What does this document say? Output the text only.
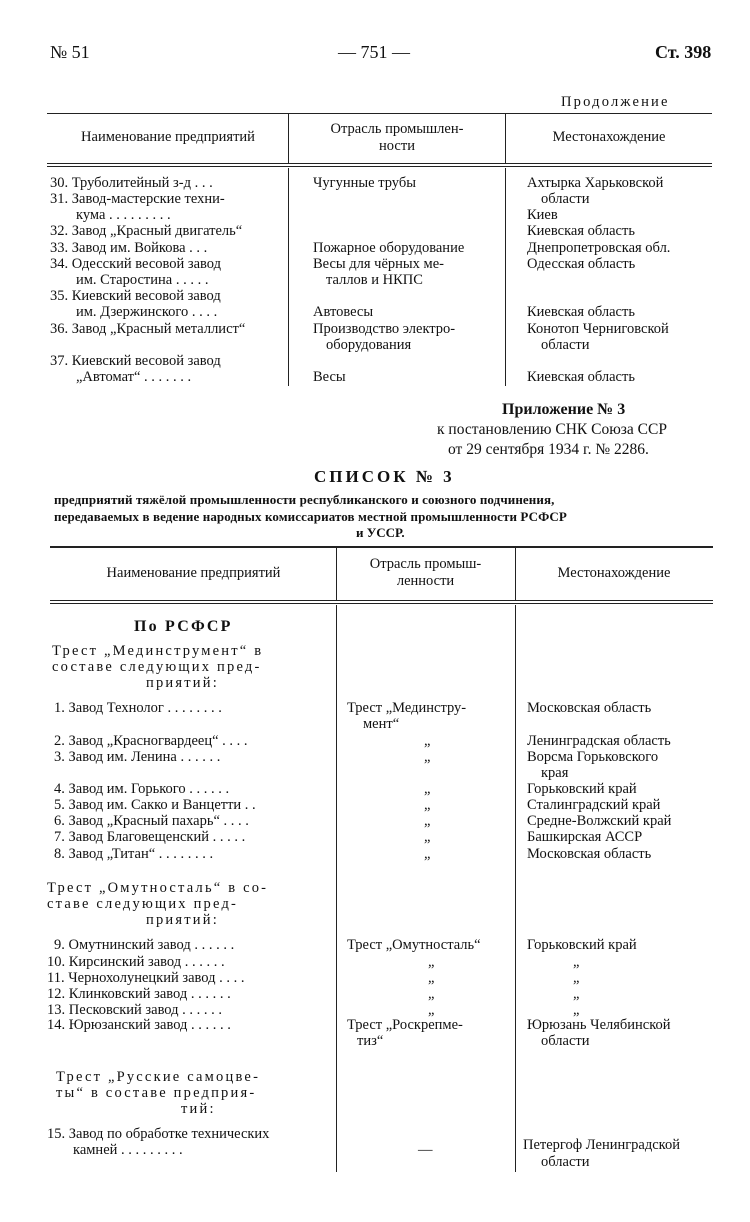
№ 51	— 751 —	Ст. 398
Продолжение
Наименование предприятий	Отрасль промышлен-
ности
Местонахождение
30. Труболитейный з-д . . .	Чугунные трубы	Ахтырка Харьковской
области
31. Завод-мастерские техни-
кума . . . . . . . . .	Киев
32. Завод „Красный двигатель“	Киевская область
33. Завод им. Войкова . . .	Пожарное оборудование	Днепропетровская обл.
34. Одесский весовой завод	Весы для чёрных ме-	Одесская область
им. Старостина . . . . .	таллов и НКПС
35. Киевский весовой завод
им. Дзержинского . . . .	Автовесы	Киевская область
36. Завод „Красный металлист“	Производство электро-	Конотоп Черниговской
оборудования	области
37. Киевский весовой завод
„Автомат“ . . . . . . .	Весы	Киевская область
Приложение № 3
к постановлению СНК Союза ССР
от 29 сентября 1934 г. № 2286.
СПИСОК № 3
предприятий тяжёлой промышленности республиканского и союзного подчинения,
передаваемых в ведение народных комиссариатов местной промышленности РСФСР
и УССР.
Наименование предприятий
Отрасль промыш-
ленности	Местонахождение
По РСФСР
Трест „Мединструмент“ в
составе следующих пред-
приятий:
1. Завод Технолог . . . . . . . .	Трест „Мединстру-	Московская область
мент“
2. Завод „Красногвардеец“ . . . .	„	Ленинградская область
3. Завод им. Ленина . . . . . .	„	Ворсма Горьковского
края
4. Завод им. Горького . . . . . .	„	Горьковский край
5. Завод им. Сакко и Ванцетти . .	„	Сталинградский край
6. Завод „Красный пахарь“ . . . .	„	Средне-Волжский край
7. Завод Благовещенский . . . . .	„	Башкирская АССР
8. Завод „Титан“ . . . . . . . .	„	Московская область
Трест „Омутносталь“ в со-
ставе следующих пред-
приятий:
9. Омутнинский завод . . . . . .	Трест „Омутносталь“	Горьковский край
10. Кирсинский завод . . . . . .	„	„
11. Чернохолунецкий завод . . . .	„	„
12. Клинковский завод . . . . . .	„	„
13. Песковский завод . . . . . .	„	„
14. Юрюзанский завод . . . . . .	Трест „Роскрепме-	Юрюзань Челябинской
тиз“	области
Трест „Русские самоцве-
ты“ в составе предприя-
тий:
15. Завод по обработке технических
камней . . . . . . . . .	—	Петергоф Ленинградской
области
